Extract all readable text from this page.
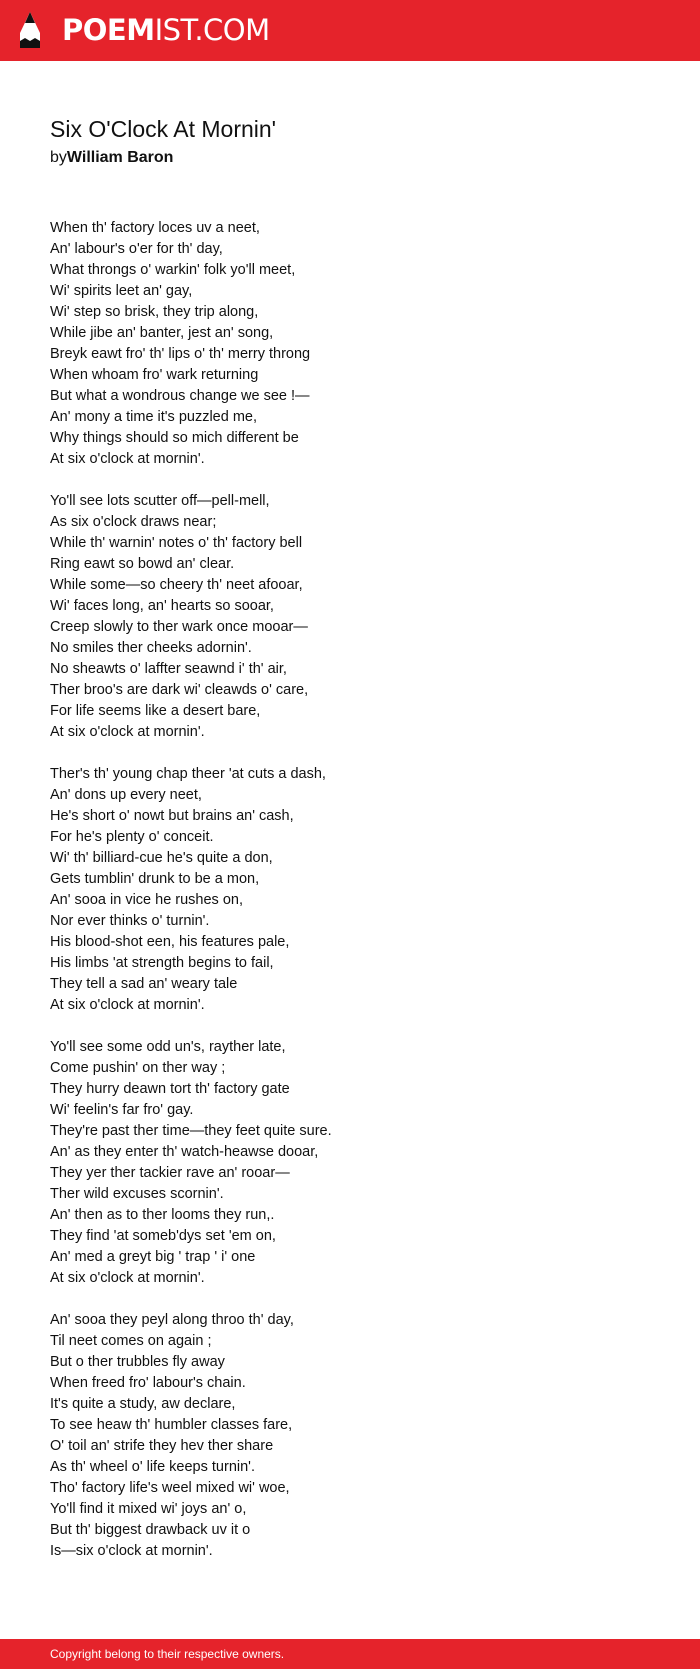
POEMIST.COM
Six O'Clock At Mornin'
byWilliam Baron
When th' factory loces uv a neet,
An' labour's o'er for th' day,
What throngs o' warkin' folk yo'll meet,
Wi' spirits leet an' gay,
Wi' step so brisk, they trip along,
While jibe an' banter, jest an' song,
Breyk eawt fro' th' lips o' th' merry throng
When whoam fro' wark returning
But what a wondrous change we see !—
An' mony a time it's puzzled me,
Why things should so mich different be
At six o'clock at mornin'.
Yo'll see lots scutter off—pell-mell,
As six o'clock draws near;
While th' warnin' notes o' th' factory bell
Ring eawt so bowd an' clear.
While some—so cheery th' neet afooar,
Wi' faces long, an' hearts so sooar,
Creep slowly to ther wark once mooar—
No smiles ther cheeks adornin'.
No sheawts o' laffter seawnd i' th' air,
Ther broo's are dark wi' cleawds o' care,
For life seems like a desert bare,
At six o'clock at mornin'.
Ther's th' young chap theer 'at cuts a dash,
An' dons up every neet,
He's short o' nowt but brains an' cash,
For he's plenty o' conceit.
Wi' th' billiard-cue he's quite a don,
Gets tumblin' drunk to be a mon,
An' sooa in vice he rushes on,
Nor ever thinks o' turnin'.
His blood-shot een, his features pale,
His limbs 'at strength begins to fail,
They tell a sad an' weary tale
At six o'clock at mornin'.
Yo'll see some odd un's, raythe​r late,
Come pushin' on ther way ;
They hurry deawn tort th' factory gate
Wi' feelin's far fro' gay.
They're past ther time—they feet quite sure.
An' as they enter th' watch-heawse dooar,
They yer ther tackier rave an' rooar—
Ther wild excuses scornin'.
An' then as to ther looms they run,.
They find 'at someb'dys set 'em on,
An' med a greyt big ' trap ' i' one
At six o'clock at mornin'.
An' sooa they peyl along throo th' day,
Til neet comes on again ;
But o ther trubbles fly away
When freed fro' labour's chain.
It's quite a study, aw declare,
To see heaw th' humbler classes fare,
O' toil an' strife they hev ther share
As th' wheel o' life keeps turnin'.
Tho' factory life's weel mixed wi' woe,
Yo'll find it mixed wi' joys an' o,
But th' biggest drawback uv it o
Is—six o'clock at mornin'.
Copyright belong to their respective owners.
